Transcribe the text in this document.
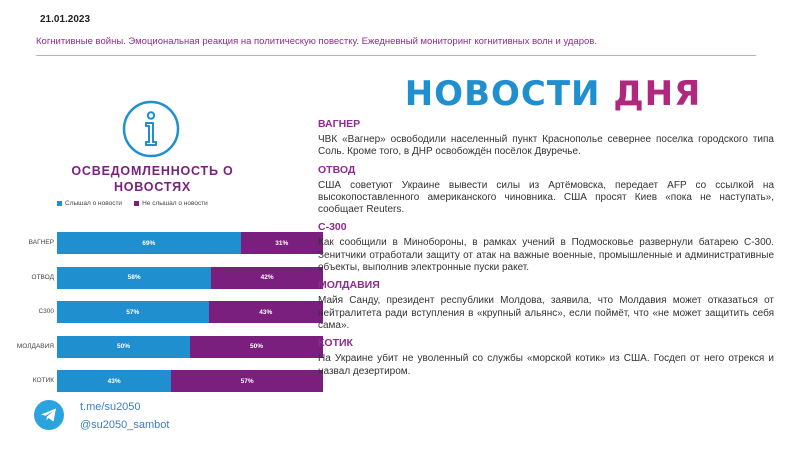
21.01.2023
Когнитивные войны. Эмоциональная реакция на политическую повестку. Ежедневный мониторинг когнитивных волн и ударов.
ОСВЕДОМЛЕННОСТЬ О НОВОСТЯХ
Слышал о новости	Не слышал о новости
ВАГНЕР	69%	31%
ОТВОД	58%	42%
С300	57%	43%
МОЛДАВИЯ	50%	50%
КОТИК	43%	57%
t.me/su2050
@su2050_sambot
НОВОСТИ ДНЯ
ВАГНЕР
ЧВК «Вагнер» освободили населенный пункт Краснополье севернее поселка городского типа Соль. Кроме того, в ДНР освобождён посёлок Двуречье.
ОТВОД
США советуют Украине вывести силы из Артёмовска, передает AFP со ссылкой на высокопоставленного американского чиновника. США просят Киев «пока не наступать», сообщает Reuters.
С-300
Как сообщили в Минобороны, в рамках учений в Подмосковье развернули батарею С-300. Зенитчики отработали защиту от атак на важные военные, промышленные и административные объекты, выполнив электронные пуски ракет.
МОЛДАВИЯ
Майя Санду, президент республики Молдова, заявила, что Молдавия может отказаться от нейтралитета ради вступления в «крупный альянс», если поймёт, что «не может защитить себя сама».
КОТИК
На Украине убит не уволенный со службы «морской котик» из США. Госдеп от него отрекся и назвал дезертиром.
